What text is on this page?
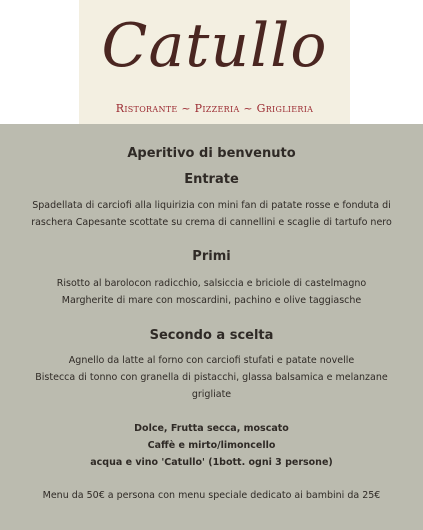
Catullo
Ristorante ~ Pizzeria ~ Griglieria

Aperitivo di benvenuto

Entrate

Spadellata di carciofi alla liquirizia con mini fan di patate rosse e fonduta di

raschera Capesante scottate su crema di cannellini e scaglie di tartufo nero

Primi

Risotto al barolocon radicchio, salsiccia e briciole di castelmagno

Margherite di mare con moscardini, pachino e olive taggiasche

Secondo a scelta

Agnello da latte al forno con carciofi stufati e patate novelle

Bistecca di tonno con granella di pistacchi, glassa balsamica e melanzane

grigliate

Dolce, Frutta secca, moscato

Caffè e mirto/limoncello

acqua e vino 'Catullo' (1bott. ogni 3 persone)

Menu da 50€ a persona con menu speciale dedicato ai bambini da 25€
